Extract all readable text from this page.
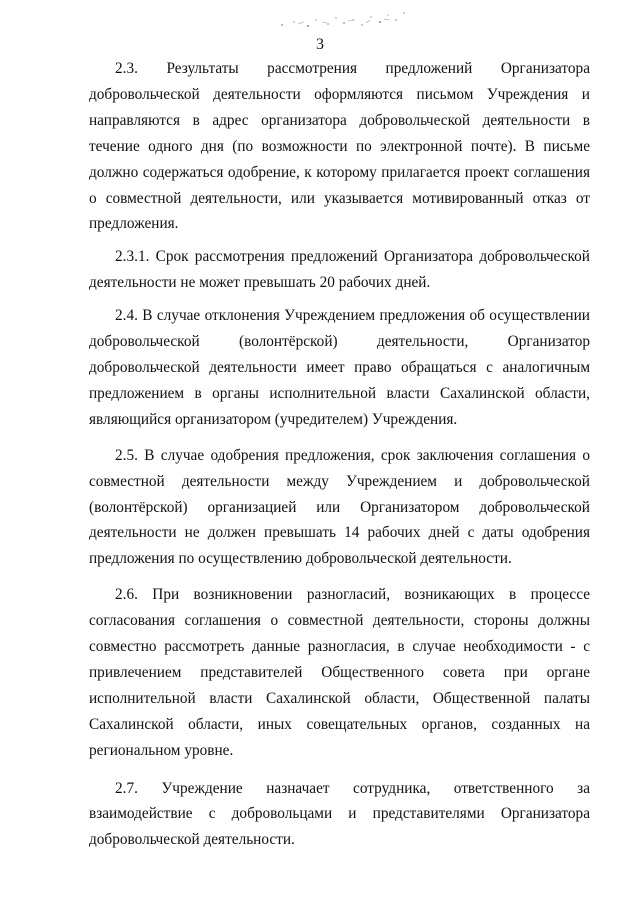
3

2.3. Результаты рассмотрения предложений Организатора добровольческой деятельности оформляются письмом Учреждения и направляются в адрес организатора добровольческой деятельности в течение одного дня (по возможности по электронной почте). В письме должно содержаться одобрение, к которому прилагается проект соглашения о совместной деятельности, или указывается мотивированный отказ от предложения.

2.3.1. Срок рассмотрения предложений Организатора добровольческой деятельности не может превышать 20 рабочих дней.

2.4. В случае отклонения Учреждением предложения об осуществлении добровольческой (волонтёрской) деятельности, Организатор добровольческой деятельности имеет право обращаться с аналогичным предложением в органы исполнительной власти Сахалинской области, являющийся организатором (учредителем) Учреждения.

2.5. В случае одобрения предложения, срок заключения соглашения о совместной деятельности между Учреждением и добровольческой (волонтёрской) организацией или Организатором добровольческой деятельности не должен превышать 14 рабочих дней с даты одобрения предложения по осуществлению добровольческой деятельности.

2.6. При возникновении разногласий, возникающих в процессе согласования соглашения о совместной деятельности, стороны должны совместно рассмотреть данные разногласия, в случае необходимости - с привлечением представителей Общественного совета при органе исполнительной власти Сахалинской области, Общественной палаты Сахалинской области, иных совещательных органов, созданных на региональном уровне.

2.7. Учреждение назначает сотрудника, ответственного за взаимодействие с добровольцами и представителями Организатора добровольческой деятельности.
